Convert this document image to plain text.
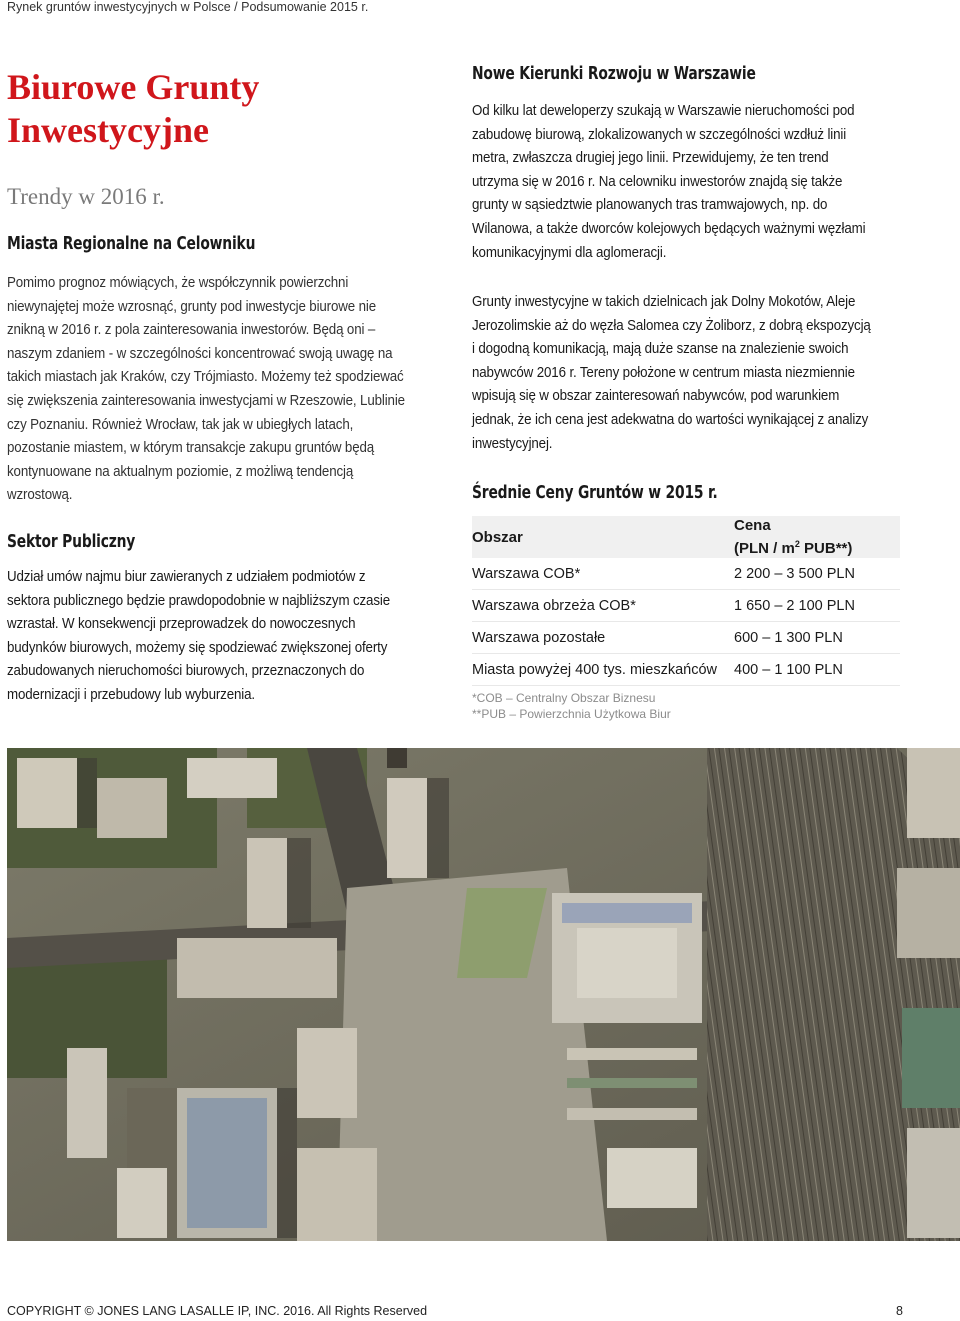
Rynek gruntów inwestycyjnych w Polsce / Podsumowanie 2015 r.
Biurowe Grunty
Inwestycyjne
Trendy w 2016 r.
Miasta Regionalne na Celowniku

Pomimo prognoz mówiących, że współczynnik powierzchni
niewynajętej może wzrosnąć, grunty pod inwestycje biurowe nie
znikną w 2016 r. z pola zainteresowania inwestorów. Będą oni –
naszym zdaniem - w szczególności koncentrować swoją uwagę na
takich miastach jak Kraków, czy Trójmiasto. Możemy też spodziewać
się zwiększenia zainteresowania inwestycjami w Rzeszowie, Lublinie
czy Poznaniu. Również Wrocław, tak jak w ubiegłych latach,
pozostanie miastem, w którym transakcje zakupu gruntów będą
kontynuowane na aktualnym poziomie, z możliwą tendencją
wzrostową.

Sektor Publiczny

Udział umów najmu biur zawieranych z udziałem podmiotów z
sektora publicznego będzie prawdopodobnie w najbliższym czasie
wzrastał. W konsekwencji przeprowadzek do nowoczesnych
budynków biurowych, możemy się spodziewać zwiększonej oferty
zabudowanych nieruchomości biurowych, przeznaczonych do
modernizacji i przebudowy lub wyburzenia.

Nowe Kierunki Rozwoju w Warszawie

Od kilku lat deweloperzy szukają w Warszawie nieruchomości pod
zabudowę biurową, zlokalizowanych w szczególności wzdłuż linii
metra, zwłaszcza drugiej jego linii. Przewidujemy, że ten trend
utrzyma się w 2016 r. Na celowniku inwestorów znajdą się także
grunty w sąsiedztwie planowanych tras tramwajowych, np. do
Wilanowa, a także dworców kolejowych będących ważnymi węzłami
komunikacyjnymi dla aglomeracji.

Grunty inwestycyjne w takich dzielnicach jak Dolny Mokotów, Aleje
Jerozolimskie aż do węzła Salomea czy Żoliborz, z dobrą ekspozycją
i dogodną komunikacją, mają duże szanse na znalezienie swoich
nabywców 2016 r. Tereny położone w centrum miasta niezmiennie
wpisują się w obszar zainteresowań nabywców, pod warunkiem
jednak, że ich cena jest adekwatna do wartości wynikającej z analizy
inwestycyjnej.

Średnie Ceny Gruntów w 2015 r.
Obszar	Cena
($PLN / m^2$ PUB**)
Warszawa COB*	2 200 – 3 500 PLN
Warszawa obrzeża COB*	1 650 – 2 100 PLN
Warszawa pozostałe	600 – 1 300 PLN
Miasta powyżej 400 tys. mieszkańców	400 – 1 100 PLN
*COB – Centralny Obszar Biznesu
**PUB – Powierzchnia Użytkowa Biur	
COPYRIGHT © JONES LANG LASALLE IP, INC. 2016. All Rights Reserved	8
